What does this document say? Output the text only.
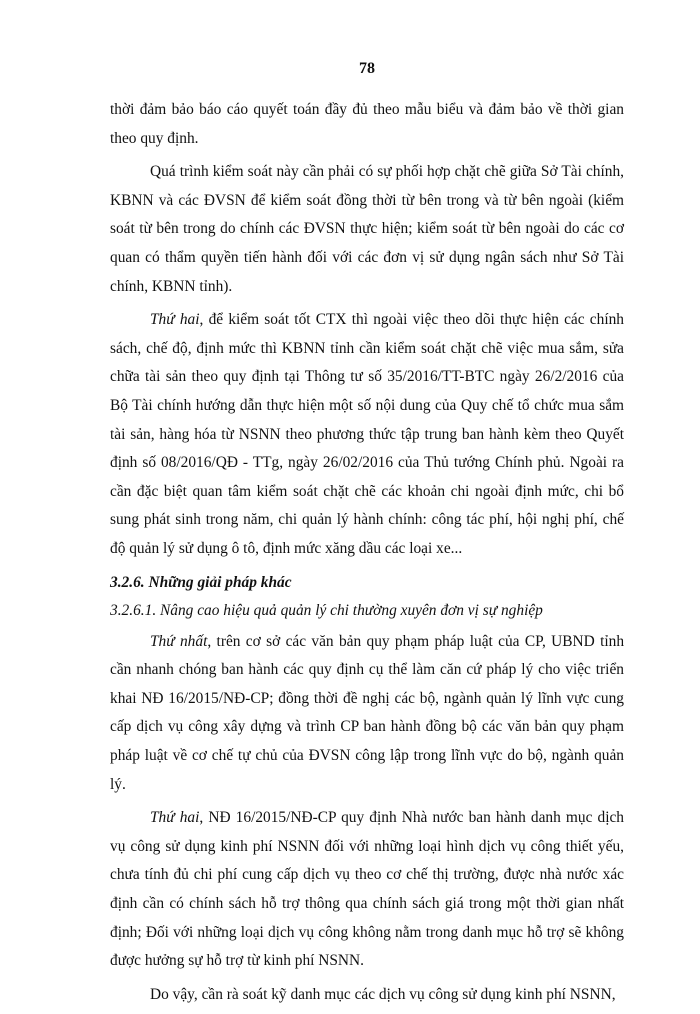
78

thời đảm bảo báo cáo quyết toán đầy đủ theo mẫu biểu và đảm bảo về thời gian theo quy định.

Quá trình kiểm soát này cần phải có sự phối hợp chặt chẽ giữa Sở Tài chính, KBNN và các ĐVSN để kiểm soát đồng thời từ bên trong và từ bên ngoài (kiểm soát từ bên trong do chính các ĐVSN thực hiện; kiểm soát từ bên ngoài do các cơ quan có thẩm quyền tiến hành đối với các đơn vị sử dụng ngân sách như Sở Tài chính, KBNN tỉnh).

Thứ hai, để kiểm soát tốt CTX thì ngoài việc theo dõi thực hiện các chính sách, chế độ, định mức thì KBNN tỉnh cần kiểm soát chặt chẽ việc mua sắm, sửa chữa tài sản theo quy định tại Thông tư số 35/2016/TT-BTC ngày 26/2/2016 của Bộ Tài chính hướng dẫn thực hiện một số nội dung của Quy chế tổ chức mua sắm tài sản, hàng hóa từ NSNN theo phương thức tập trung ban hành kèm theo Quyết định số 08/2016/QĐ - TTg, ngày 26/02/2016 của Thủ tướng Chính phủ. Ngoài ra cần đặc biệt quan tâm kiểm soát chặt chẽ các khoản chi ngoài định mức, chi bổ sung phát sinh trong năm, chi quản lý hành chính: công tác phí, hội nghị phí, chế độ quản lý sử dụng ô tô, định mức xăng dầu các loại xe...

3.2.6. Những giải pháp khác
3.2.6.1. Nâng cao hiệu quả quản lý chi thường xuyên đơn vị sự nghiệp

Thứ nhất, trên cơ sở các văn bản quy phạm pháp luật của CP, UBND tỉnh cần nhanh chóng ban hành các quy định cụ thể làm căn cứ pháp lý cho việc triển khai NĐ 16/2015/NĐ-CP; đồng thời đề nghị các bộ, ngành quản lý lĩnh vực cung cấp dịch vụ công xây dựng và trình CP ban hành đồng bộ các văn bản quy phạm pháp luật về cơ chế tự chủ của ĐVSN công lập trong lĩnh vực do bộ, ngành quản lý.

Thứ hai, NĐ 16/2015/NĐ-CP quy định Nhà nước ban hành danh mục dịch vụ công sử dụng kinh phí NSNN đối với những loại hình dịch vụ công thiết yếu, chưa tính đủ chi phí cung cấp dịch vụ theo cơ chế thị trường, được nhà nước xác định cần có chính sách hỗ trợ thông qua chính sách giá trong một thời gian nhất định; Đối với những loại dịch vụ công không nằm trong danh mục hỗ trợ sẽ không được hưởng sự hỗ trợ từ kinh phí NSNN.

Do vậy, cần rà soát kỹ danh mục các dịch vụ công sử dụng kinh phí NSNN,
